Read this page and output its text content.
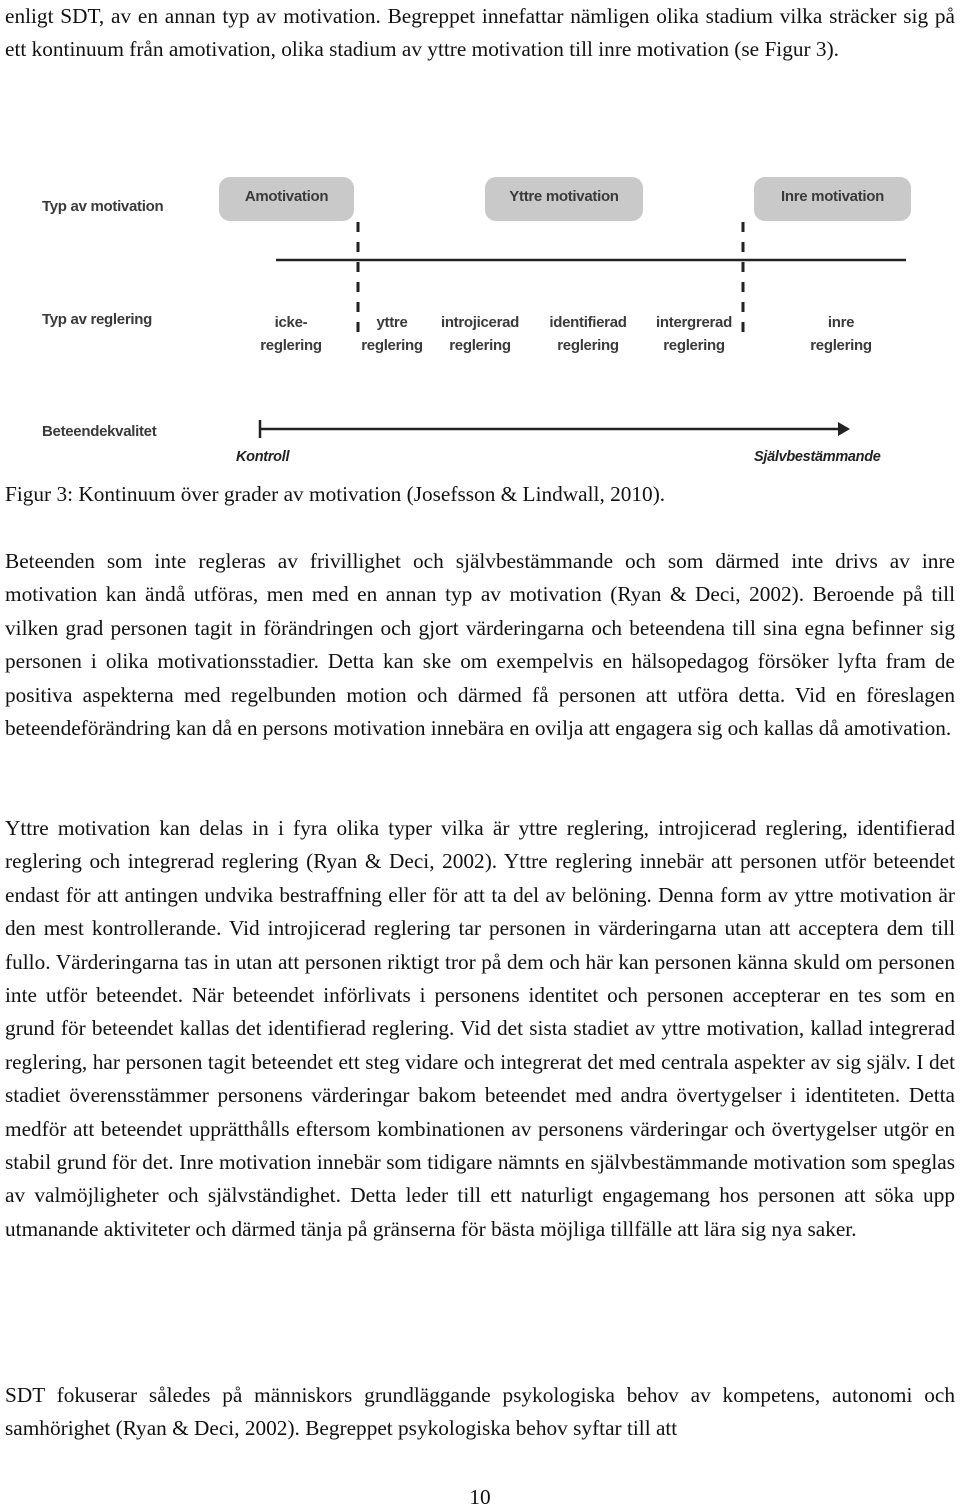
enligt SDT, av en annan typ av motivation. Begreppet innefattar nämligen olika stadium vilka sträcker sig på ett kontinuum från amotivation, olika stadium av yttre motivation till inre motivation (se Figur 3).

Typ av motivation
Typ av reglering
Beteendekvalitet
Amotivation	Yttre motivation	Inre motivation
icke-
reglering
yttre
reglering
introjicerad
reglering
identifierad
reglering
intergrerad
reglering
inre
reglering
Kontroll	Självbestämmande

Figur 3: Kontinuum över grader av motivation (Josefsson & Lindwall, 2010).

Beteenden som inte regleras av frivillighet och självbestämmande och som därmed inte drivs av inre motivation kan ändå utföras, men med en annan typ av motivation (Ryan & Deci, 2002). Beroende på till vilken grad personen tagit in förändringen och gjort värderingarna och beteendena till sina egna befinner sig personen i olika motivationsstadier. Detta kan ske om exempelvis en hälsopedagog försöker lyfta fram de positiva aspekterna med regelbunden motion och därmed få personen att utföra detta. Vid en föreslagen beteendeförändring kan då en persons motivation innebära en ovilja att engagera sig och kallas då amotivation.

Yttre motivation kan delas in i fyra olika typer vilka är yttre reglering, introjicerad reglering, identifierad reglering och integrerad reglering (Ryan & Deci, 2002). Yttre reglering innebär att personen utför beteendet endast för att antingen undvika bestraffning eller för att ta del av belöning. Denna form av yttre motivation är den mest kontrollerande. Vid introjicerad reglering tar personen in värderingarna utan att acceptera dem till fullo. Värderingarna tas in utan att personen riktigt tror på dem och här kan personen känna skuld om personen inte utför beteendet. När beteendet införlivats i personens identitet och personen accepterar en tes som en grund för beteendet kallas det identifierad reglering. Vid det sista stadiet av yttre motivation, kallad integrerad reglering, har personen tagit beteendet ett steg vidare och integrerat det med centrala aspekter av sig själv. I det stadiet överensstämmer personens värderingar bakom beteendet med andra övertygelser i identiteten. Detta medför att beteendet upprätthålls eftersom kombinationen av personens värderingar och övertygelser utgör en stabil grund för det. Inre motivation innebär som tidigare nämnts en självbestämmande motivation som speglas av valmöjligheter och självständighet. Detta leder till ett naturligt engagemang hos personen att söka upp utmanande aktiviteter och därmed tänja på gränserna för bästa möjliga tillfälle att lära sig nya saker.

SDT fokuserar således på människors grundläggande psykologiska behov av kompetens, autonomi och samhörighet (Ryan & Deci, 2002). Begreppet psykologiska behov syftar till att

10
